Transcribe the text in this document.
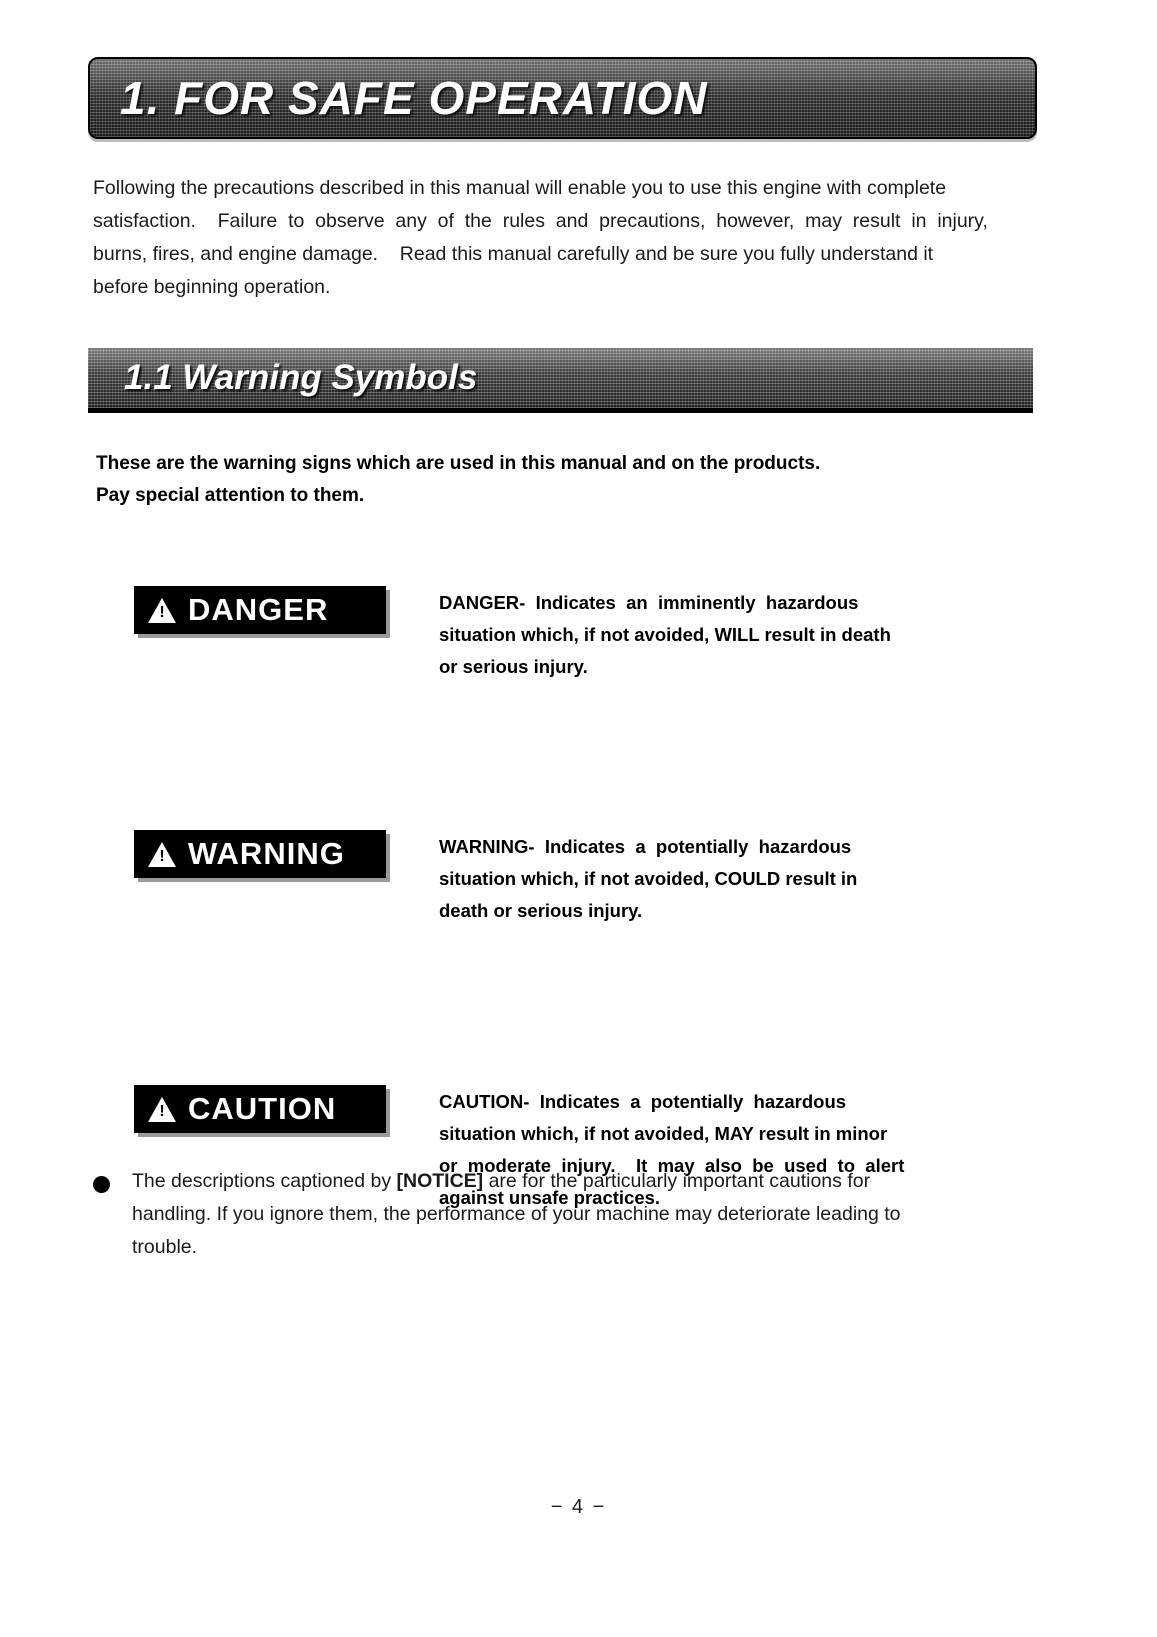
1. FOR SAFE OPERATION
Following the precautions described in this manual will enable you to use this engine with complete
satisfaction.    Failure  to  observe  any  of  the  rules  and  precautions,  however,  may  result  in  injury,
burns, fires, and engine damage.    Read this manual carefully and be sure you fully understand it
before beginning operation.
1.1 Warning Symbols
These are the warning signs which are used in this manual and on the products.
Pay special attention to them.
!
DANGER	DANGER-  Indicates  an  imminently  hazardous
situation which, if not avoided, WILL result in death
or serious injury.
!
WARNING	WARNING-  Indicates  a  potentially  hazardous
situation which, if not avoided, COULD result in
death or serious injury.
!
CAUTION	CAUTION-  Indicates  a  potentially  hazardous
situation which, if not avoided, MAY result in minor
or  moderate  injury.    It  may  also  be  used  to  alert
against unsafe practices.
The descriptions captioned by [NOTICE] are for the particularly important cautions for
handling. If you ignore them, the performance of your machine may deteriorate leading to
trouble.
− 4 −
